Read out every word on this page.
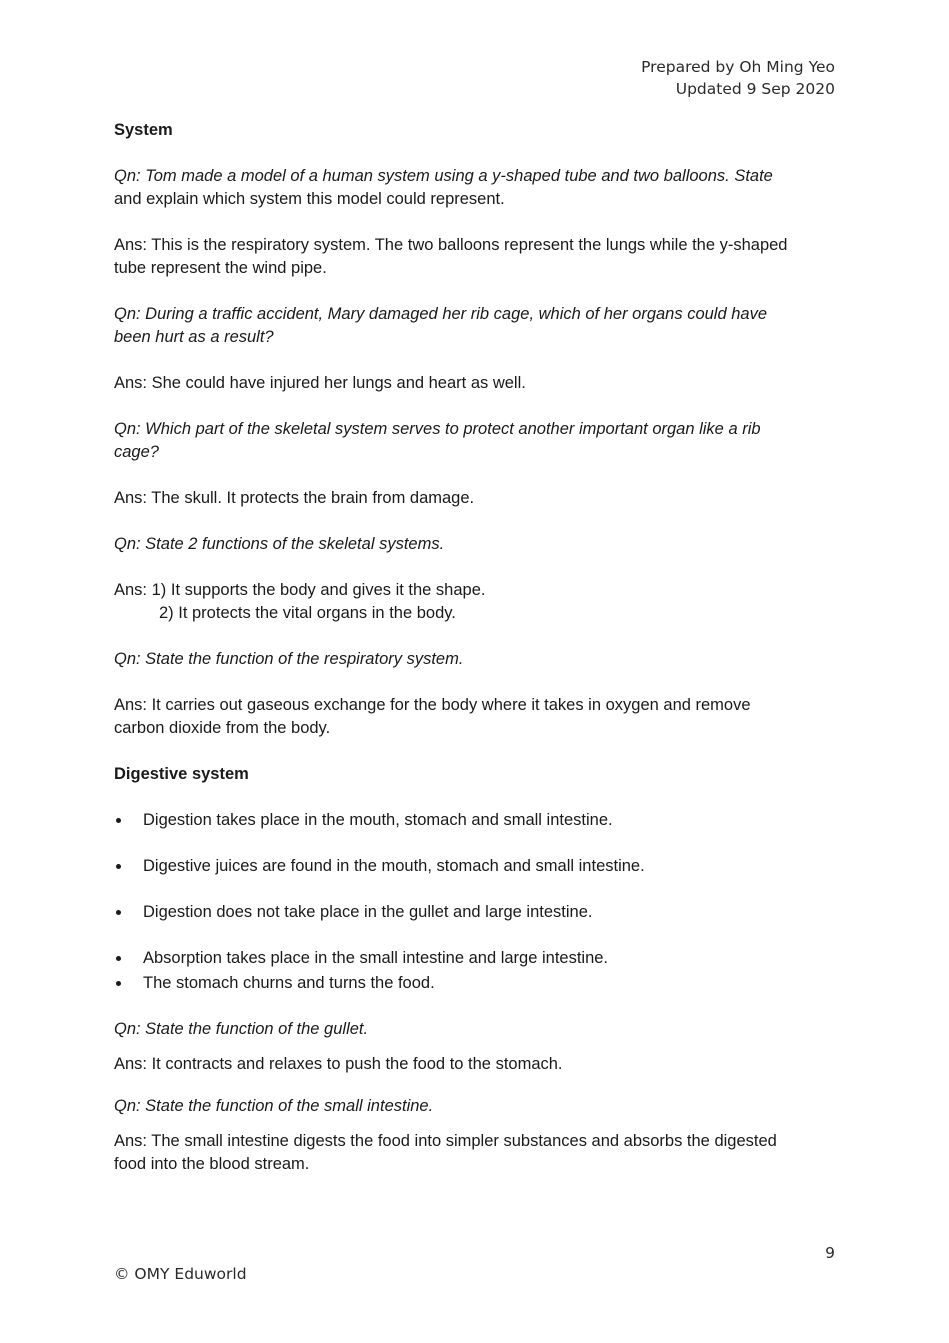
Prepared by Oh Ming Yeo
Updated 9 Sep 2020

System

Qn: Tom made a model of a human system using a y-shaped tube and two balloons. State
and explain which system this model could represent.

Ans: This is the respiratory system. The two balloons represent the lungs while the y-shaped
tube represent the wind pipe.

Qn: During a traffic accident, Mary damaged her rib cage, which of her organs could have
been hurt as a result?

Ans: She could have injured her lungs and heart as well.

Qn: Which part of the skeletal system serves to protect another important organ like a rib
cage?

Ans: The skull. It protects the brain from damage.

Qn: State 2 functions of the skeletal systems.

Ans: 1) It supports the body and gives it the shape.
2) It protects the vital organs in the body.

Qn: State the function of the respiratory system.

Ans: It carries out gaseous exchange for the body where it takes in oxygen and remove
carbon dioxide from the body.

Digestive system

Digestion takes place in the mouth, stomach and small intestine.
Digestive juices are found in the mouth, stomach and small intestine.
Digestion does not take place in the gullet and large intestine.
Absorption takes place in the small intestine and large intestine.
The stomach churns and turns the food.

Qn: State the function of the gullet.

Ans: It contracts and relaxes to push the food to the stomach.

Qn: State the function of the small intestine.

Ans: The small intestine digests the food into simpler substances and absorbs the digested
food into the blood stream.

9
© OMY Eduworld
